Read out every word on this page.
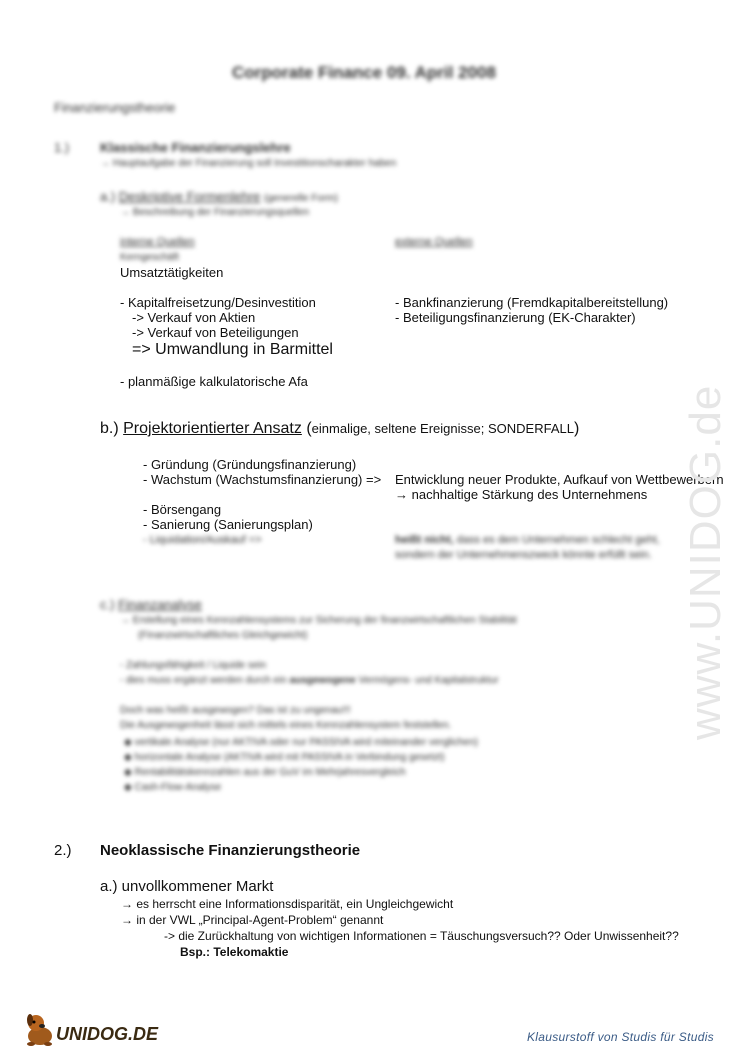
Corporate Finance 09. April 2008
Finanzierungstheorie
1.) Klassische Finanzierungslehre
→ Hauptaufgabe der Finanzierung soll Investitionscharakter haben
a.) Deskriptive Formenlehre (generelle Form)
→ Beschreibung der Finanzierungsquellen
interne Quellen	externe Quellen
Kerngeschäft
Umsatztätigkeiten
- Kapitalfreisetzung/Desinvestition
-> Verkauf von Aktien
-> Verkauf von Beteiligungen
=> Umwandlung in Barmittel
- planmäßige kalkulatorische Afa
- Bankfinanzierung (Fremdkapitalbereitstellung)
- Beteiligungsfinanzierung (EK-Charakter)
b.) Projektorientierter Ansatz (einmalige, seltene Ereignisse; SONDERFALL)
- Gründung (Gründungsfinanzierung)
- Wachstum (Wachstumsfinanzierung) =>
- Börsengang
- Sanierung (Sanierungsplan)
- Liquidation/Auskauf =>
Entwicklung neuer Produkte, Aufkauf von Wettbewerbern
→ nachhaltige Stärkung des Unternehmens
heißt nicht, dass es dem Unternehmen schlecht geht,
sondern der Unternehmenszweck könnte erfüllt sein.
c.) Finanzanalyse
→ Erstellung eines Kennzahlensystems zur Sicherung der finanzwirtschaftlichen Stabilität
(Finanzwirtschaftliches Gleichgewicht)
- Zahlungsfähigkeit / Liquide sein
- dies muss ergänzt werden durch ein ausgewogene Vermögens- und Kapitalstruktur
Doch was heißt ausgewogen? Das ist zu ungenau!!!
Die Ausgewogenheit lässt sich mittels eines Kennzahlensystem feststellen.
◆ vertikale Analyse (nur AKTIVA oder nur PASSIVA wird miteinander verglichen)
◆ horizontale Analyse (AKTIVA wird mit PASSIVA in Verbindung gesetzt)
◆ Rentabilitätskennzahlen aus der GuV im Mehrjahresvergleich
◆ Cash-Flow-Analyse
2.) Neoklassische Finanzierungstheorie
a.) unvollkommener Markt
→ es herrscht eine Informationsdisparität, ein Ungleichgewicht
→ in der VWL „Principal-Agent-Problem“ genannt
-> die Zurückhaltung von wichtigen Informationen = Täuschungsversuch?? Oder Unwissenheit??
Bsp.: Telekomaktie
www.UNIDOG.de
UNIDOG.DE	Klausurstoff von Studis für Studis
